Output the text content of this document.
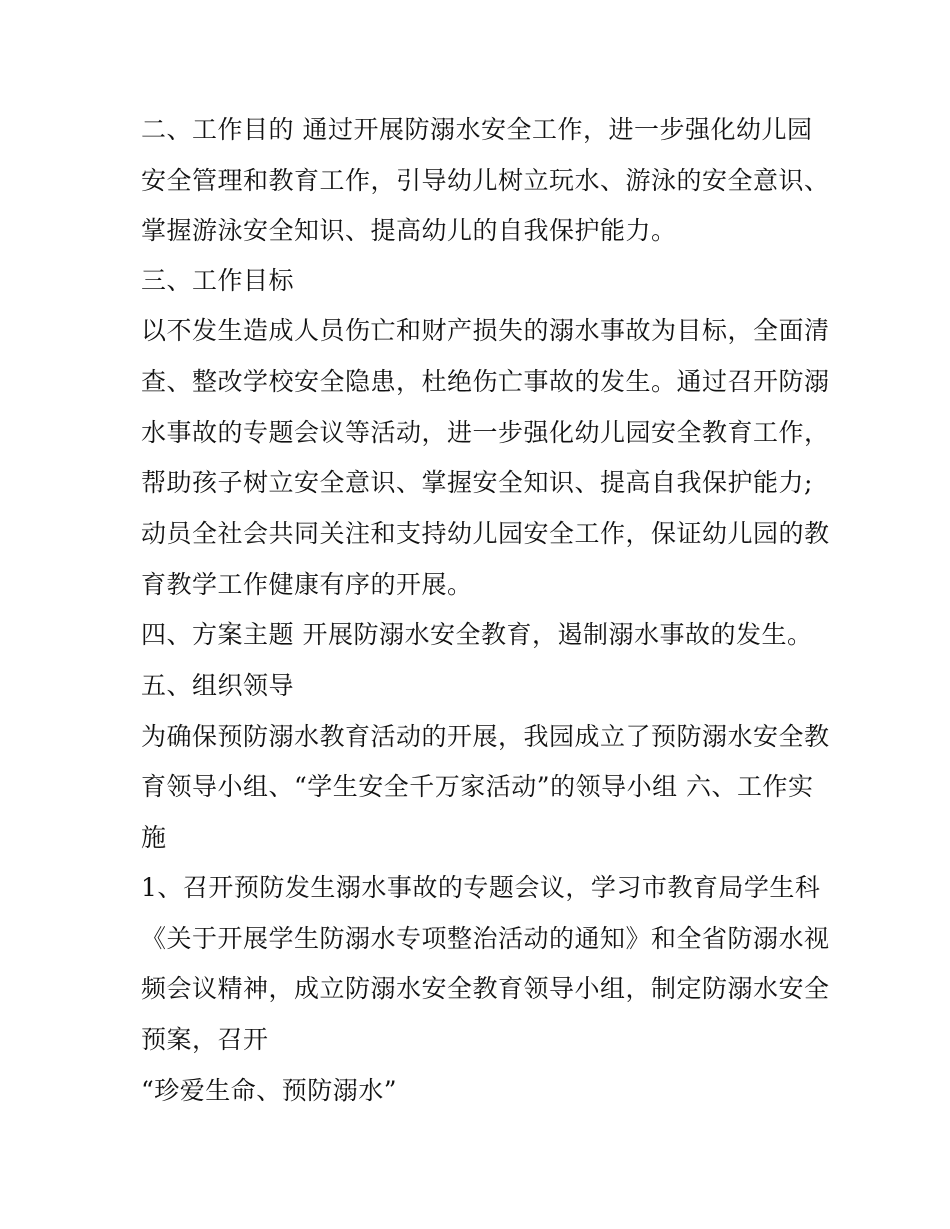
二、工作目的 通过开展防溺水安全工作，进一步强化幼儿园
安全管理和教育工作，引导幼儿树立玩水、游泳的安全意识、
掌握游泳安全知识、提高幼儿的自我保护能力。
三、工作目标
以不发生造成人员伤亡和财产损失的溺水事故为目标，全面清
查、整改学校安全隐患，杜绝伤亡事故的发生。通过召开防溺
水事故的专题会议等活动，进一步强化幼儿园安全教育工作，
帮助孩子树立安全意识、掌握安全知识、提高自我保护能力;
动员全社会共同关注和支持幼儿园安全工作，保证幼儿园的教
育教学工作健康有序的开展。
四、方案主题 开展防溺水安全教育，遏制溺水事故的发生。
五、组织领导
为确保预防溺水教育活动的开展，我园成立了预防溺水安全教
育领导小组、“学生安全千万家活动”的领导小组 六、工作实
施
1、召开预防发生溺水事故的专题会议，学习市教育局学生科
《关于开展学生防溺水专项整治活动的通知》和全省防溺水视
频会议精神，成立防溺水安全教育领导小组，制定防溺水安全
预案，召开
“珍爱生命、预防溺水”
